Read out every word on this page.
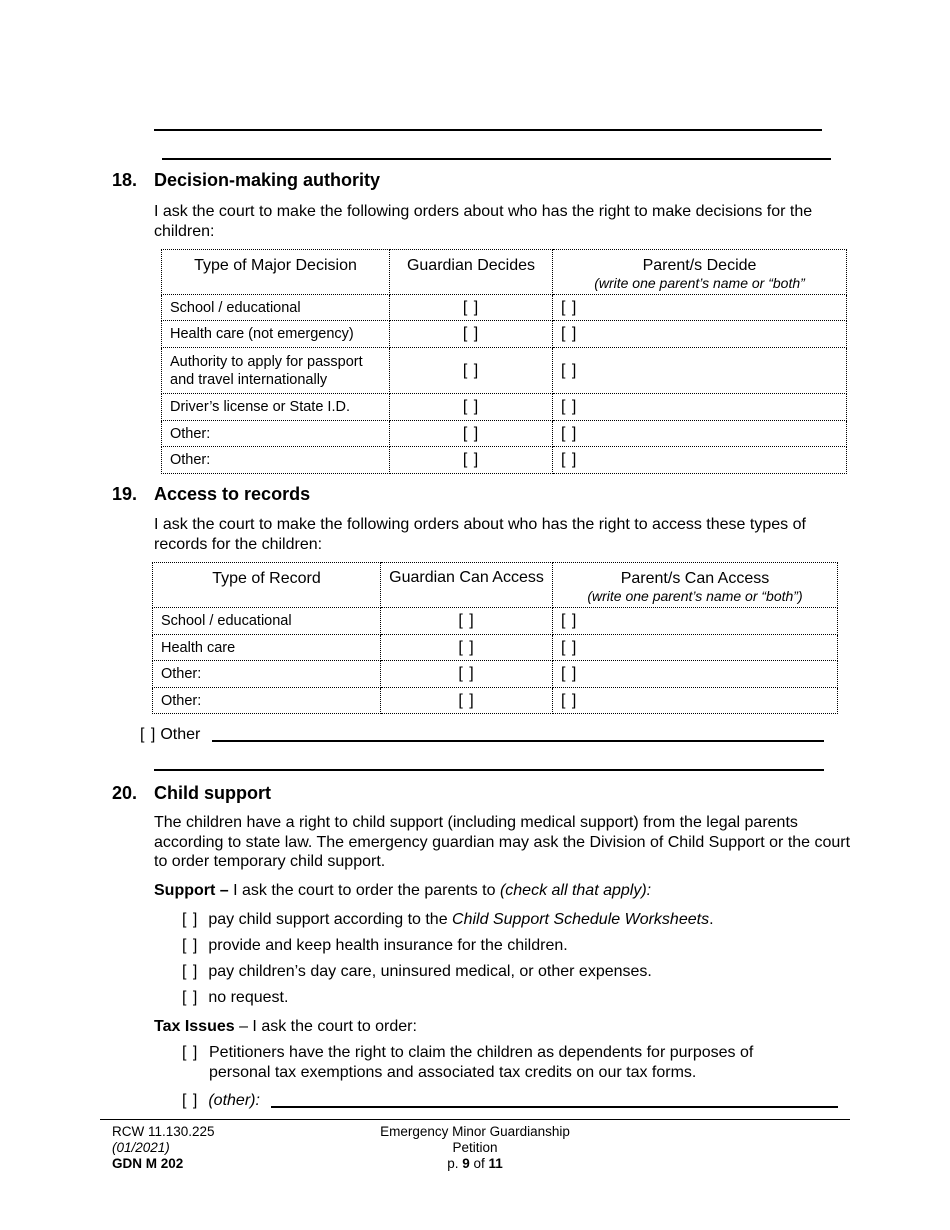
18. Decision-making authority
I ask the court to make the following orders about who has the right to make decisions for the children:
Type of Major Decision	Guardian Decides	Parent/s Decide
(write one parent’s name or “both”

School / educational	[ ]	[ ]
Health care (not emergency)	[ ]	[ ]
Authority to apply for passport and travel internationally	[ ]	[ ]
Driver’s license or State I.D.	[ ]	[ ]
Other:	[ ]	[ ]
Other:	[ ]	[ ]
19. Access to records
I ask the court to make the following orders about who has the right to access these types of records for the children:
Type of Record	Guardian Can Access	Parent/s Can Access
(write one parent’s name or “both”)

School / educational	[ ]	[ ]
Health care	[ ]	[ ]
Other:	[ ]	[ ]
Other:	[ ]	[ ]
[ ] Other
20. Child support
The children have a right to child support (including medical support) from the legal parents according to state law. The emergency guardian may ask the Division of Child Support or the court to order temporary child support.
Support – I ask the court to order the parents to (check all that apply):
[ ] pay child support according to the Child Support Schedule Worksheets.
[ ] provide and keep health insurance for the children.
[ ] pay children’s day care, uninsured medical, or other expenses.
[ ] no request.
Tax Issues – I ask the court to order:
[ ] Petitioners have the right to claim the children as dependents for purposes of personal tax exemptions and associated tax credits on our tax forms.
[ ] (other):
RCW 11.130.225
(01/2021)
GDN M 202
Emergency Minor Guardianship
Petition
p. 9 of 11
